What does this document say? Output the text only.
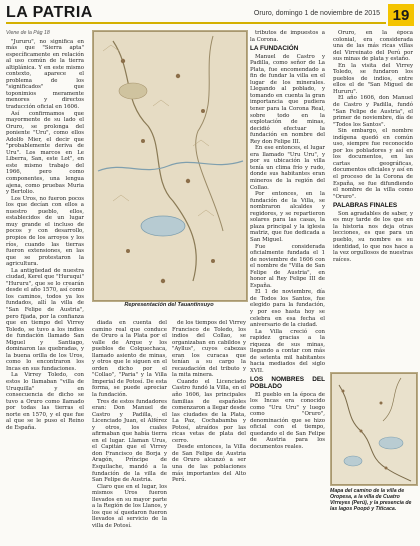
LA PATRIA	Oruro, domingo 1 de noviembre de 2015 19
Viene de la Pág 18

"Jururu", no significa en más que "Sierra apta" específicamente en relación al uso común de la tierra altiplánica. Y en este mismo contexto, aparece el problema de los "significados" que toponimios meramente menores y directos traducción oficial en 1606.

Así confirmamos que mayormente de su lado el Oruro, se prolonga del poniente "Uru", como ellos Adolfo Mier, el decir que "probablemente deriva de Uru". Los marcos en Le Liberra, San, este Lot", en este mismo trabajo del 1966, pero como componentes, una lengua ajena, como pruebas Muria y Bertolio.

Los Uros, no fueron pocos los que decían con ellos a nuestro pueblo, ellos, establecidos de un lugar muy grande el incluso de pocos y con desarrollo, propios de los arroyos y los ríos, cuando las tierras fueron extensiones, en las que se protestaron la agricultura.

La antigüedad de nuestra ciudad, Kerel que "Huruqui" "Hururu", que se lo crearán desde el año 1570, así como los caminos, todos ya los fundados, allí la villa de "San Felipe de Austria", pero fijada, por la confianza que en tiempo del Virrey Toledo, se tuvo a los indios de fundación llamado San Miguel y Santiago, dominaron las quebradas, y la buena orilla de los Uros, como lo encontraron los Incas en sus fundaciones.

La Virrey Toledo, con estos lo llamaban "villa de Uruquilla" y en consecuencia de dicho se tuvo a Oruro como llamado por todas las tierras el norte en 1570, y el que fue al que se le puso el Reino de España.

Representación del Tauantinsuyo

diada en cuenta del camino real que conduce de Oruro a la Plata por el valle de Arque y los pueblos de Colquechaca, llamado asiento de minas, y otros que le siguen en el orden dicho por el "Collao", "Paria" y la Villa Imperial de Potosí. De esta forma, se puede apreciar la fundación.

Tres de estos fundadores eran: Don Manuel de Castro y Padilla, el Licenciado Juan, el Alférez y otros, los cuales afirmaban que había tierra en el lugar. Llaman Urus, el Capitán que el Virrey don Francisco de Borja y Aragón, Príncipe de Esquilache, mandó a la fundación de la villa de San Felipe de Austria.

Claro que en el lugar, los mismos Uros fueron llevados en su mayor parte a la Región de los Llanos, y los que sí quedaron fueron llevados al servicio de la villa de Potosí.

de los tiempos del Virrey Francisco de Toledo, los indios del Collao, se organizaban en cabildos y "Ayllus", cuyos cabezas eran los curacas que tenían a su cargo la recaudación del tributo y la mita minera.

Cuando el Licenciado Castro fundó la Villa, en el año 1606, las principales familias de españoles comenzaron a llegar desde las ciudades de la Plata, La Paz, Cochabamba y Potosí, atraídos por las ricas vetas de plata del cerro.

Desde entonces, la Villa de San Felipe de Austria de Oruro alcanzó a ser una de las poblaciones más importantes del Alto Perú.

tributos de impuestos a la Corona.

LA FUNDACIÓN

Manuel de Castro y Padilla, como señor de La Plata, fue encomendado a fin de fundar la villa en el lugar de los minerales. Llegando al poblado, y tomando en cuenta la gran importancia que pudiera tener para la Corona Real, sobre todo en la explotación de minas, decidió efectuar la fundación en nombre del Rey don Felipe III.

En ese entonces, el lugar era llamado "Uru Uru", y por su ubicación la villa tenía un clima frío y rudo, donde sus habitantes eran mineros de la región del Collao.

Por entonces, en la fundación de la Villa, se nombraron alcaldes y regidores, y se repartieron solares para las casas, la plaza principal y la iglesia matriz, que fue dedicada a San Miguel.

Fue considerada oficialmente fundada el 1 de noviembre de 1606 con el nombre de "Villa de San Felipe de Austria", en honor al Rey Felipe III de España.

El 1 de noviembre, día de Todos los Santos, fue elegido para la fundación, y por eso hasta hoy se celebra en esa fecha el aniversario de la ciudad.

La Villa creció con rapidez gracias a la riqueza de sus minas, llegando a contar con más de setenta mil habitantes hacia mediados del siglo XVII.

LOS NOMBRES DEL POBLADO

El pueblo en la época de los Incas era conocido como "Uru Uru" y luego como "Oruro", denominación que se hizo oficial con el tiempo, quedando el de San Felipe de Austria para los documentos reales.

Oruro, en la época colonial, era considerada una de las más ricas villas del Virreinato del Perú por sus minas de plata y estaño.

En la visita del Virrey Toledo, se fundaron los pueblos de indios, entre ellos el de "San Miguel de Hururu".

El año 1606, don Manuel de Castro y Padilla, fundó "San Felipe de Austria", el primer de noviembre, día de "Todos los Santos".

Sin embargo, el nombre indígena quedó en común uso, siempre fue reconocido por los pobladores y así en los documentos, en las cartas geográficas, documentos oficiales y así en el proceso de la Corona de España, se fue difundiendo el nombre de la villa como "Oruro".

PALABRAS FINALES

Son agradables de saber, y es muy tarde de los que en la historia nos deja otras lecciones, es que para un pueblo, su nombre es su identidad, lo que nos hace a la vez orgullosos de nuestras raíces.

Mapa del camino de la villa de Oropesa, a la villa de Cuatro Virreyes (Perú), y la presencia de las lagos Poopó y Titicaca.
